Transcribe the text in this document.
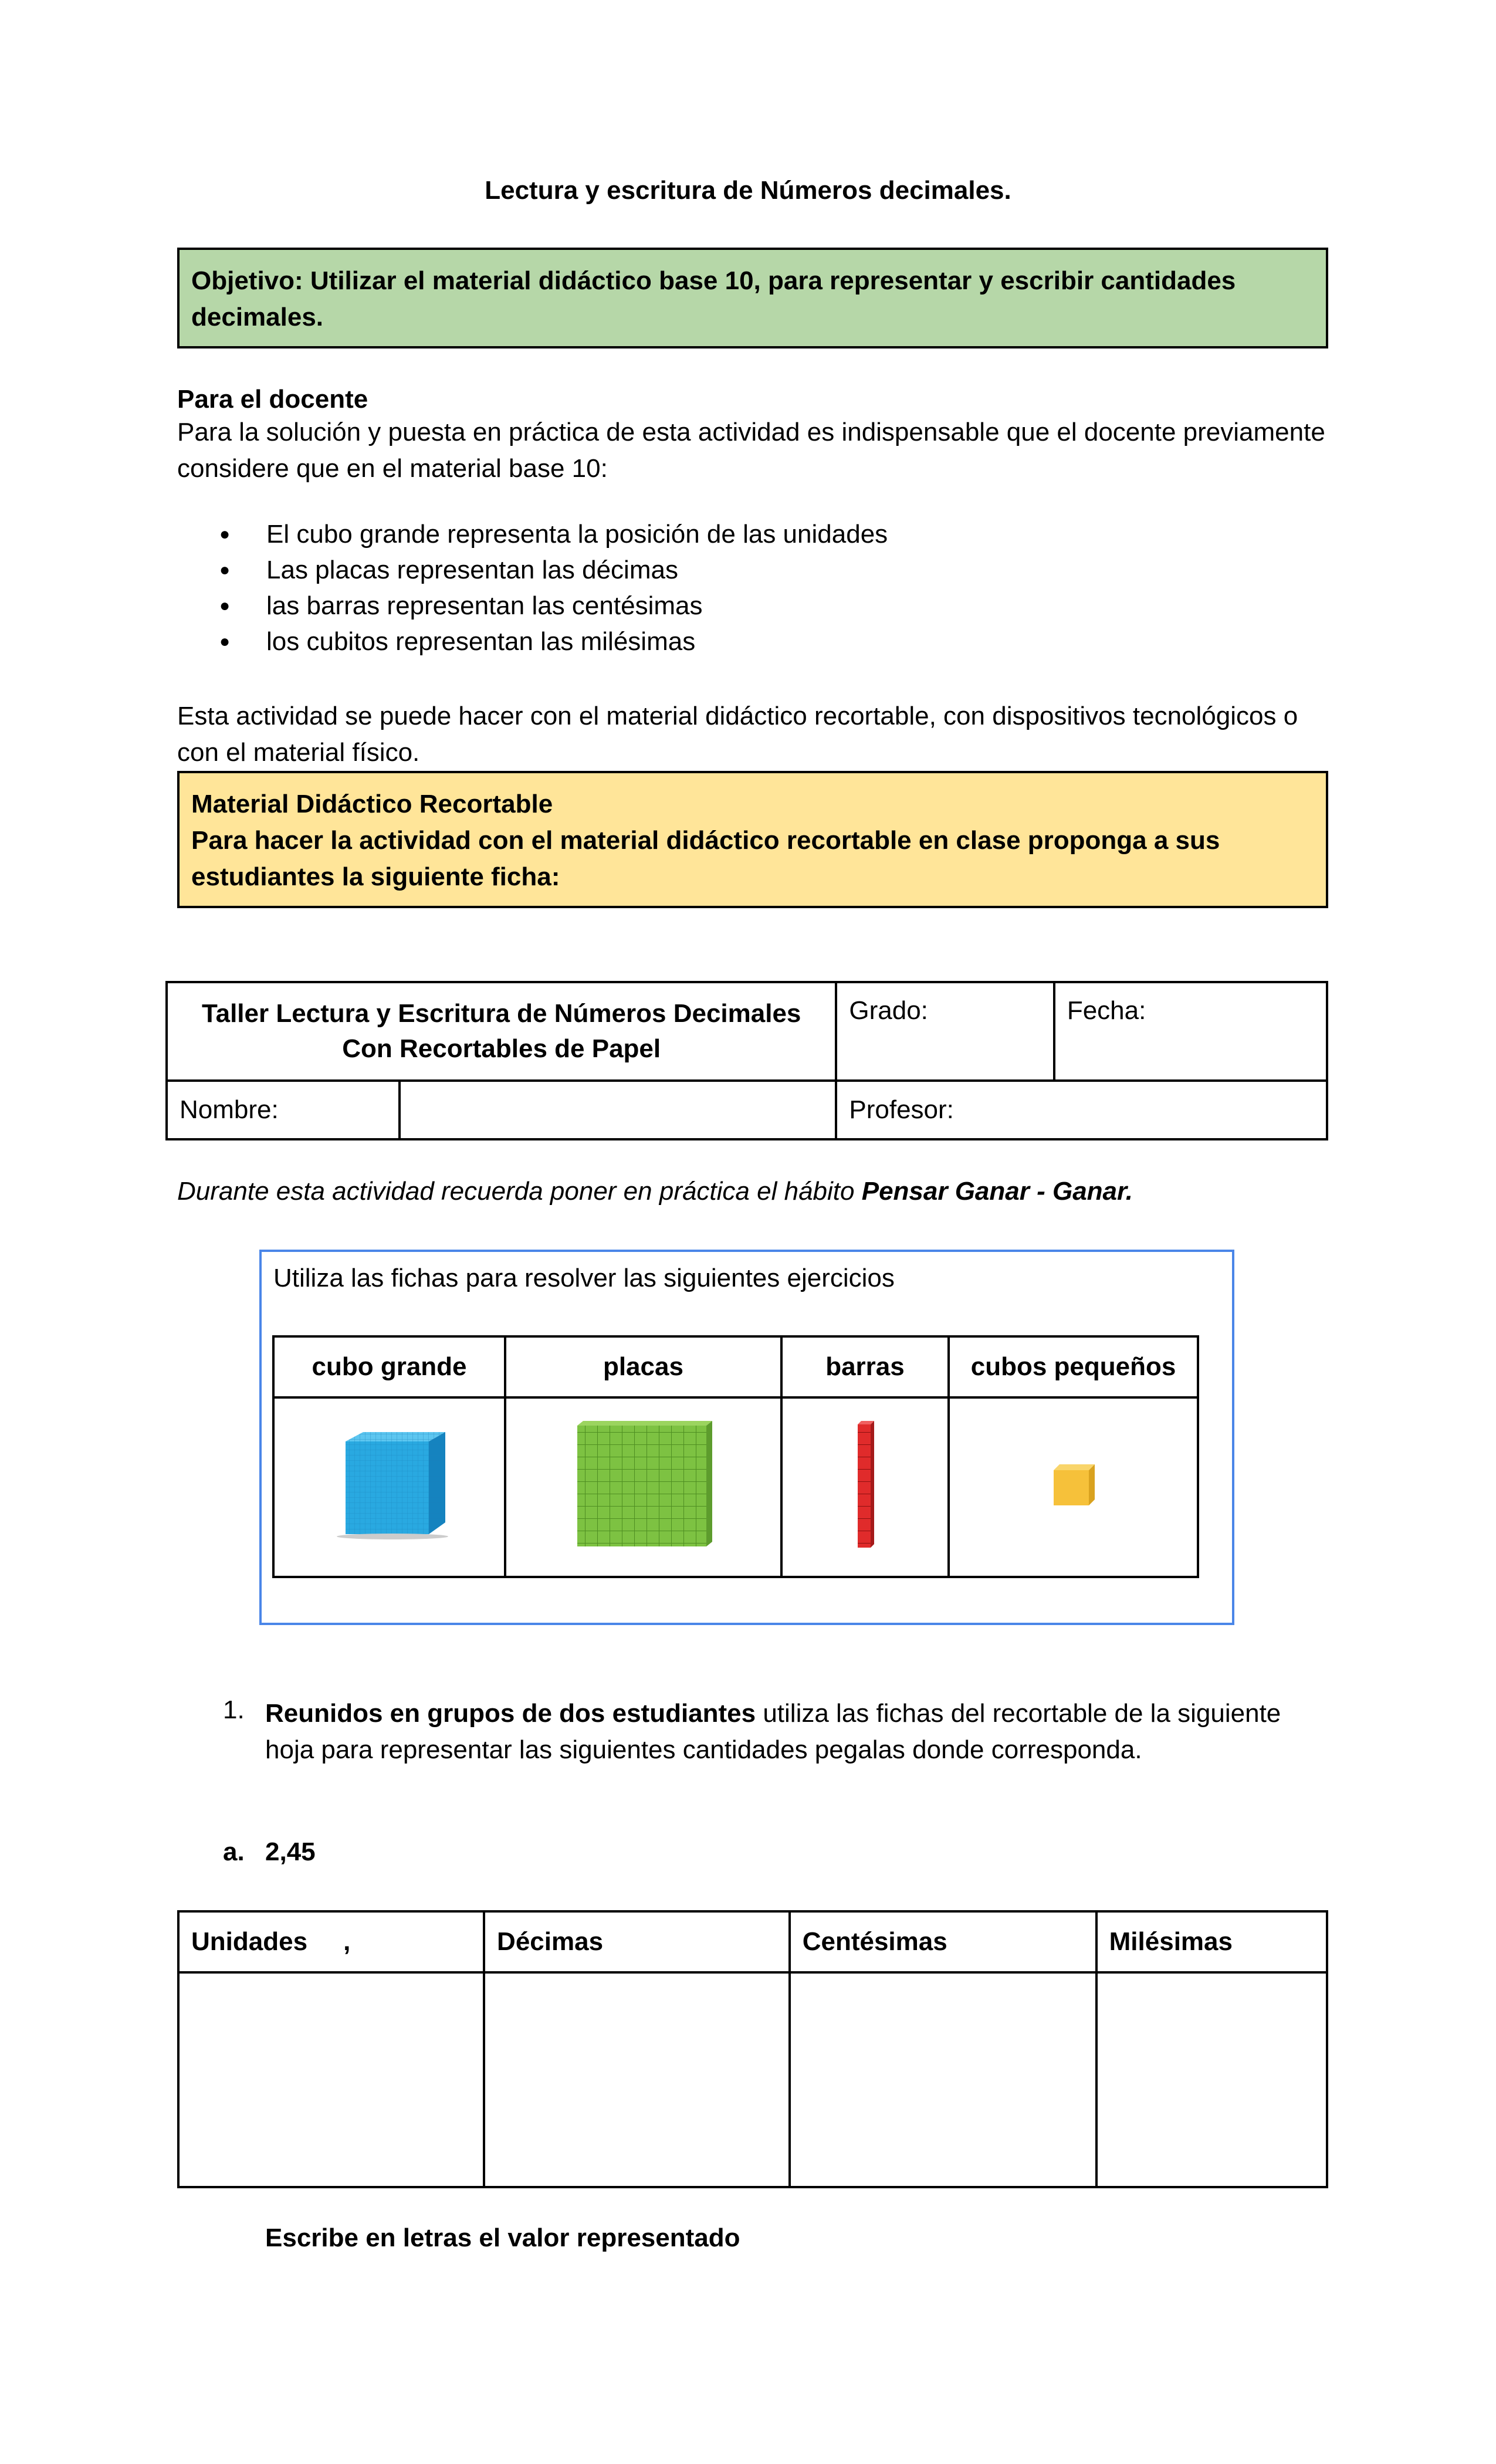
Lectura y escritura de Números decimales.
Objetivo: Utilizar el material didáctico base 10, para representar y escribir cantidades decimales.
Para el docente
Para la solución y puesta en práctica de esta actividad es indispensable que el docente previamente considere que en el material base 10:
● El cubo grande representa la posición de las unidades
● Las placas representan las décimas
● las barras representan las centésimas
● los cubitos representan las milésimas
Esta actividad se puede hacer con el material didáctico recortable, con dispositivos tecnológicos o con el material físico.
Material Didáctico Recortable
Para hacer la actividad con el material didáctico recortable en clase proponga a sus estudiantes la siguiente ficha:
Taller Lectura y Escritura de Números Decimales
Con Recortables de Papel		Grado:	Fecha:
Nombre:		Profesor:	
Durante esta actividad recuerda poner en práctica el hábito Pensar Ganar - Ganar.
Utiliza las fichas para resolver las siguientes ejercicios
cubo grande	placas	barras	cubos pequeños

1. Reunidos en grupos de dos estudiantes utiliza las fichas del recortable de la siguiente hoja para representar las siguientes cantidades pegalas donde corresponda.
a. 2,45
Unidades     ,	Décimas	Centésimas	Milésimas

Escribe en letras el valor representado
